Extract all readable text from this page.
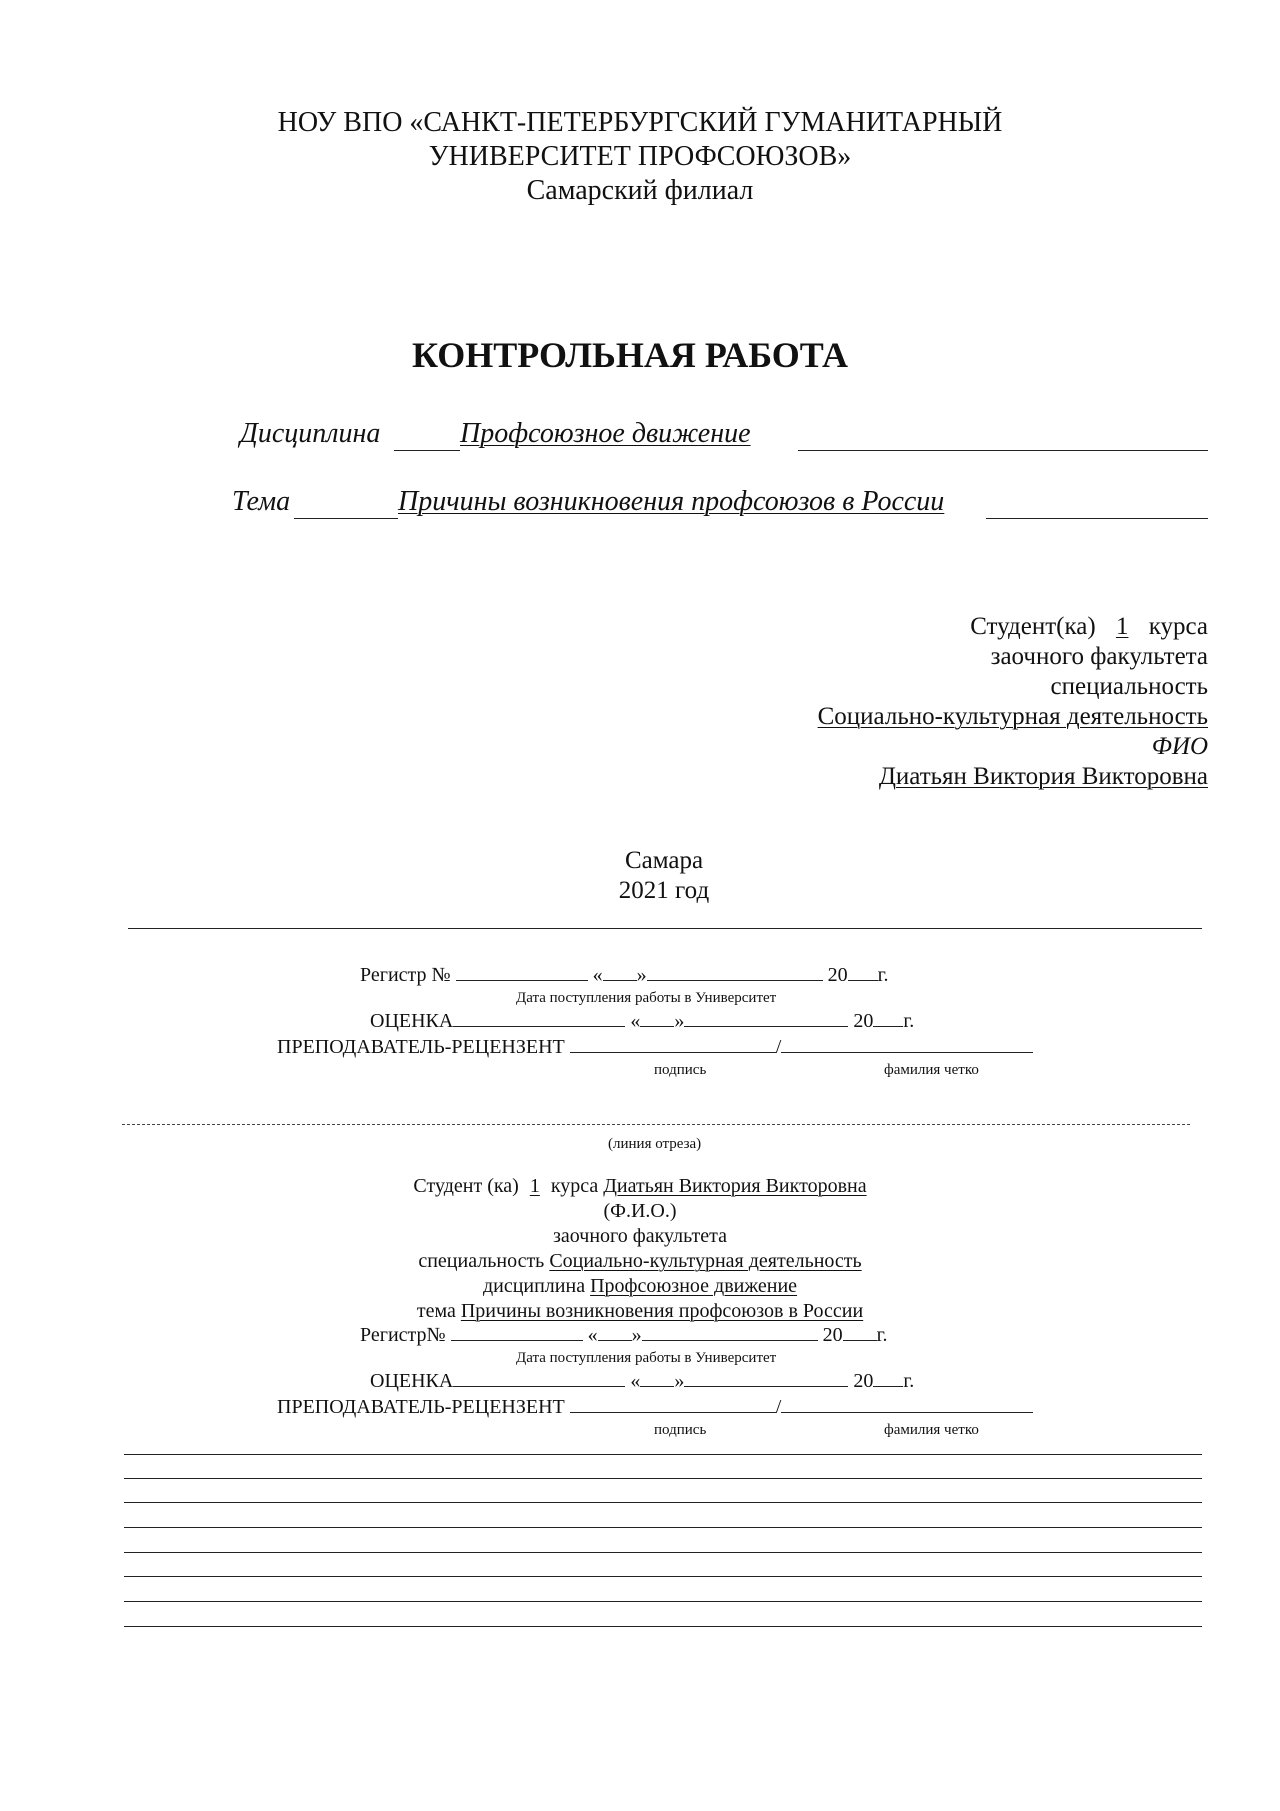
НОУ ВПО «САНКТ-ПЕТЕРБУРГСКИЙ ГУМАНИТАРНЫЙ
УНИВЕРСИТЕТ ПРОФСОЮЗОВ»
Самарский филиал
КОНТРОЛЬНАЯ РАБОТА
Дисциплина	Профсоюзное движение
Тема	Причины возникновения профсоюзов в России
Студент(ка) 1 курса
заочного факультета
специальность
Социально-культурная деятельность
ФИО
Диатьян Виктория Викторовна
Самара
2021 год
Регистр №	« »	20 г.
Дата поступления работы в Университет
ОЦЕНКА	« »	20 г.
ПРЕПОДАВАТЕЛЬ-РЕЦЕНЗЕНТ	/
подпись	фамилия четко
(линия отреза)
Студент (ка) 1 курса Диатьян Виктория Викторовна
(Ф.И.О.)
заочного факультета
специальность Социально-культурная деятельность
дисциплина Профсоюзное движение
тема Причины возникновения профсоюзов в России
Регистр№	« »	20 г.
Дата поступления работы в Университет
ОЦЕНКА	« »	20 г.
ПРЕПОДАВАТЕЛЬ-РЕЦЕНЗЕНТ	/
подпись	фамилия четко
